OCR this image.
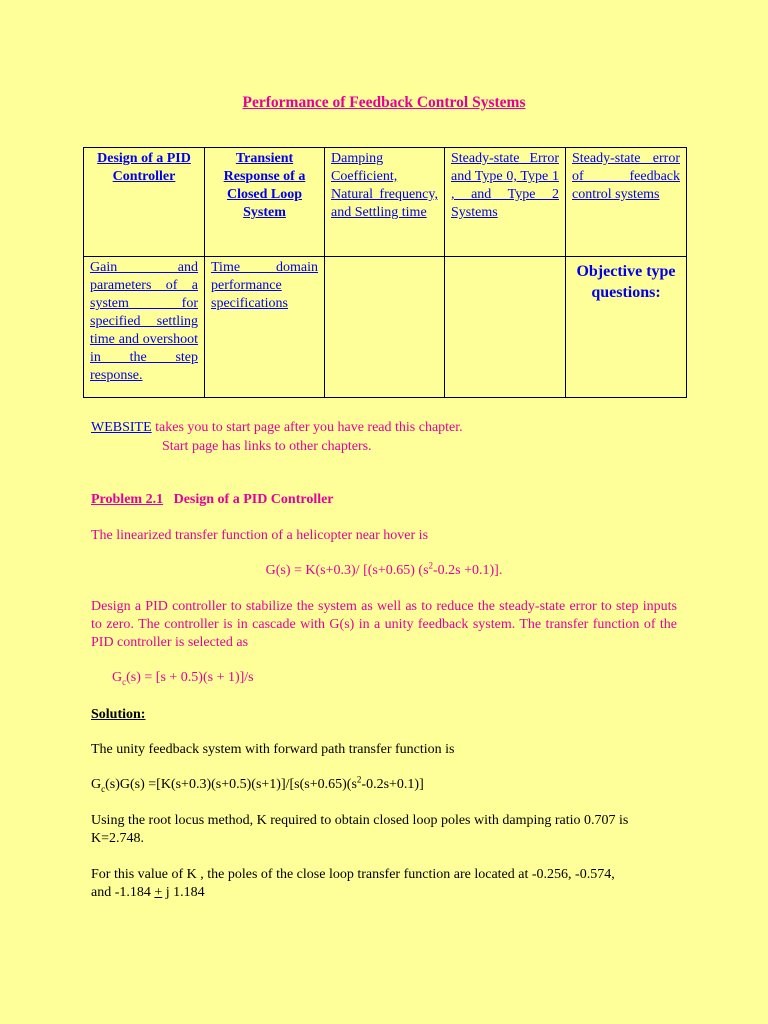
Performance of Feedback Control Systems
Design of a PID Controller	Transient Response of a Closed Loop System	Damping Coefficient, Natural frequency, and Settling time	Steady-state Error and Type 0, Type 1 , and Type 2 Systems	Steady-state error of feedback control systems

Gain and parameters of a system for specified settling time and overshoot in the step response.	Time domain performance specifications			Objective type questions:
WEBSITE takes you to start page after you have read this chapter.
Start page has links to other chapters.
Problem 2.1 Design of a PID Controller
The linearized transfer function of a helicopter near hover is
G(s) = K(s+0.3)/ [(s+0.65) $(s^2-0.2s +0.1)$].
Design a PID controller to stabilize the system as well as to reduce the steady-state error to step inputs to zero. The controller is in cascade with G(s) in a unity feedback system. The transfer function of the PID controller is selected as
$G_c(s) = [s + 0.5)(s + 1)]/s$
Solution:
The unity feedback system with forward path transfer function is
$G_c(s)G(s) =[K(s+0.3)(s+0.5)(s+1)]/[s(s+0.65)(s^2-0.2s+0.1)]$
Using the root locus method, K required to obtain closed loop poles with damping ratio 0.707 is K=2.748.
For this value of K , the poles of the close loop transfer function are located at -0.256, -0.574,
and -1.184 + j 1.184
